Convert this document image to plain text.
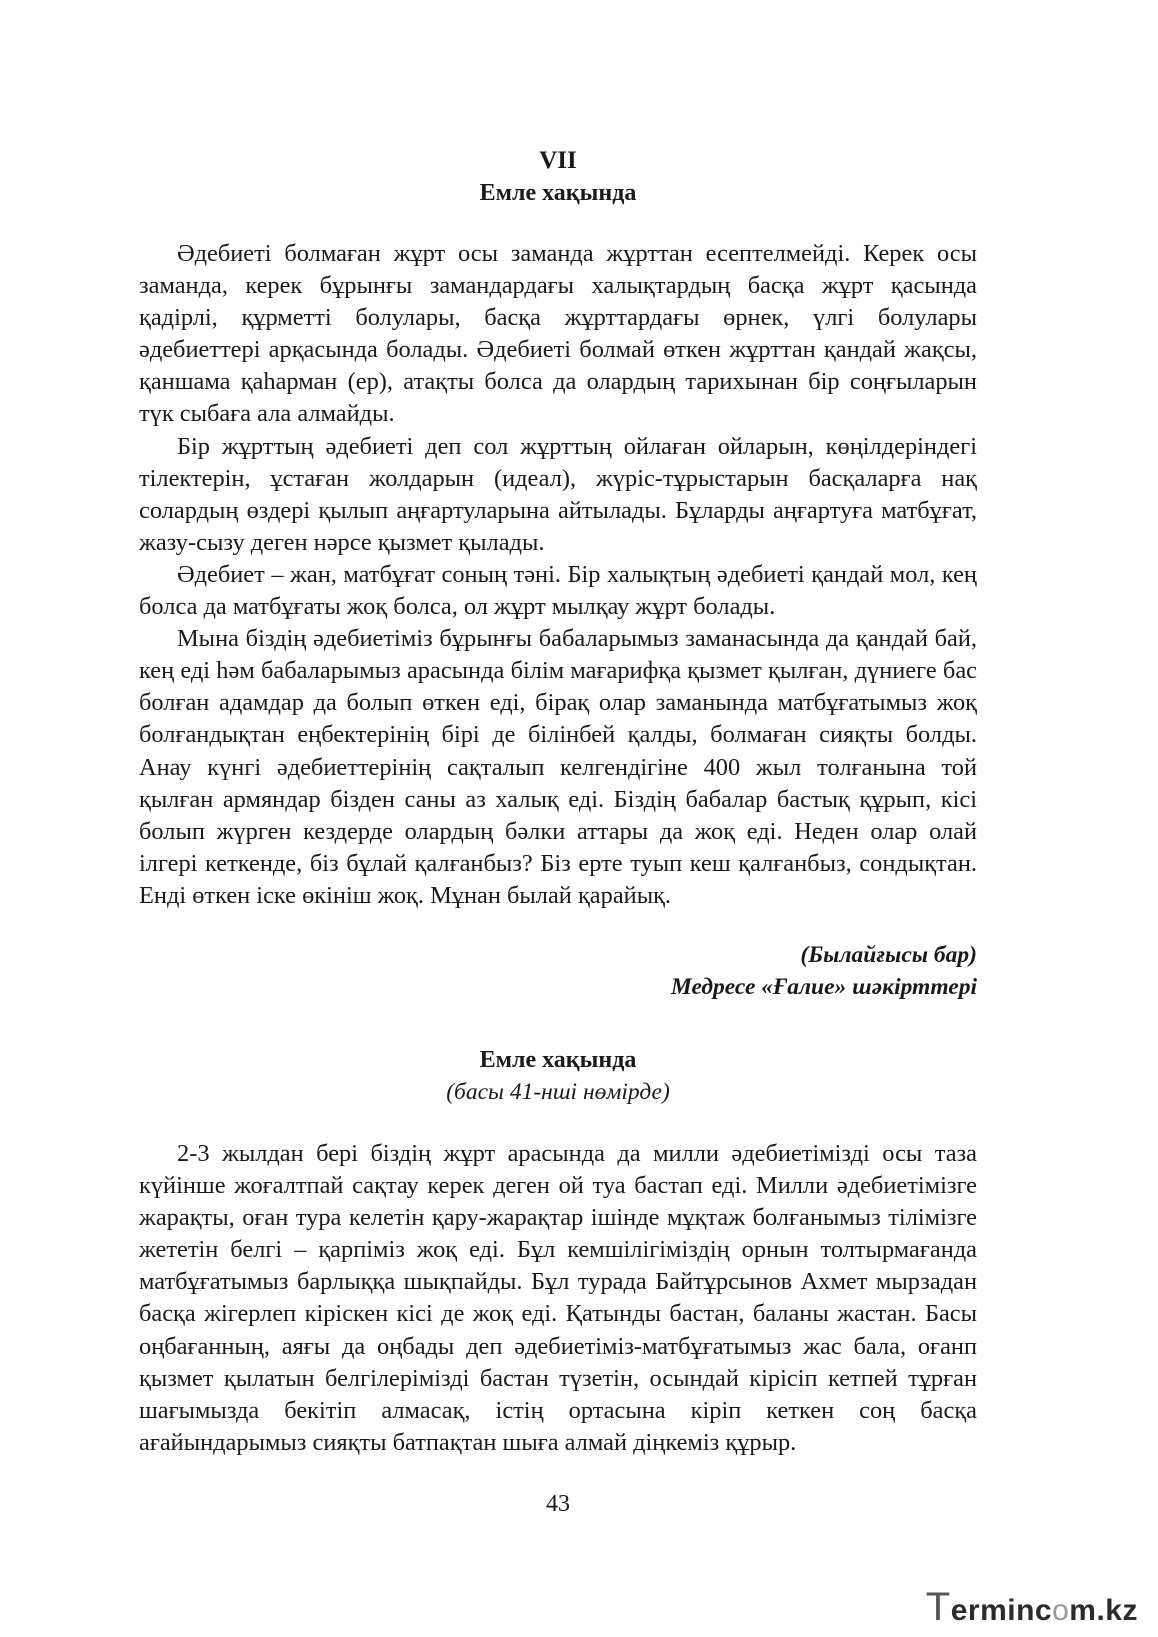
VII
Емле хақында

Әдебиеті болмаған жұрт осы заманда жұрттан есептелмейді. Керек осы заманда, керек бұрынғы замандардағы халықтардың басқа жұрт қасында қадірлі, құрметті болулары, басқа жұрттардағы өрнек, үлгі болулары әдебиеттері арқасында болады. Әдебиеті болмай өткен жұрттан қандай жақсы, қаншама қаһарман (ер), атақты болса да олардың тарихынан бір соңғыларын түк сыбаға ала алмайды.

Бір жұрттың әдебиеті деп сол жұрттың ойлаған ойларын, көңілдеріндегі тілектерін, ұстаған жолдарын (идеал), жүріс-тұрыстарын басқаларға нақ солардың өздері қылып аңғартуларына айтылады. Бұларды аңғартуға матбұғат, жазу-сызу деген нәрсе қызмет қылады.

Әдебиет – жан, матбұғат соның тәні. Бір халықтың әдебиеті қандай мол, кең болса да матбұғаты жоқ болса, ол жұрт мылқау жұрт болады.

Мына біздің әдебиетіміз бұрынғы бабаларымыз заманасында да қандай бай, кең еді һәм бабаларымыз арасында білім мағарифқа қызмет қылған, дүниеге бас болған адамдар да болып өткен еді, бірақ олар заманында матбұғатымыз жоқ болғандықтан еңбектерінің бірі де білінбей қалды, болмаған сияқты болды. Анау күнгі әдебиеттерінің сақталып келгендігіне 400 жыл толғанына той қылған армяндар бізден саны аз халық еді. Біздің бабалар бастық құрып, кісі болып жүрген кездерде олардың бәлки аттары да жоқ еді. Неден олар олай ілгері кеткенде, біз бұлай қалғанбыз? Біз ерте туып кеш қалғанбыз, сондықтан. Енді өткен іске өкініш жоқ. Мұнан былай қарайық.

(Былайғысы бар)
Медресе «Ғалие» шәкірттері
Емле хақында
(басы 41-нші нөмірде)

2-3 жылдан бері біздің жұрт арасында да милли әдебиетімізді осы таза күйінше жоғалтпай сақтау керек деген ой туа бастап еді. Милли әдебиетімізге жарақты, оған тура келетін қару-жарақтар ішінде мұқтаж болғанымыз тілімізге жететін белгі – қарпіміз жоқ еді. Бұл кемшілігімiздің орнын толтырмағанда матбұғатымыз барлыққа шықпайды. Бұл турада Байтұрсынов Ахмет мырзадан басқа жігерлеп кіріскен кісі де жоқ еді. Қатынды бастан, баланы жастан. Басы оңбағанның, аяғы да оңбады деп әдебиетіміз-матбұғатымыз жас бала, оғанп қызмет қылатын белгілерімізді бастан түзетін, осындай кірісіп кетпей тұрған шағымызда бекітіп алмасақ, істің ортасына кіріп кеткен соң басқа ағайындарымыз сияқты батпақтан шыға алмай діңкеміз құрыр.

43
Termincom.kz
